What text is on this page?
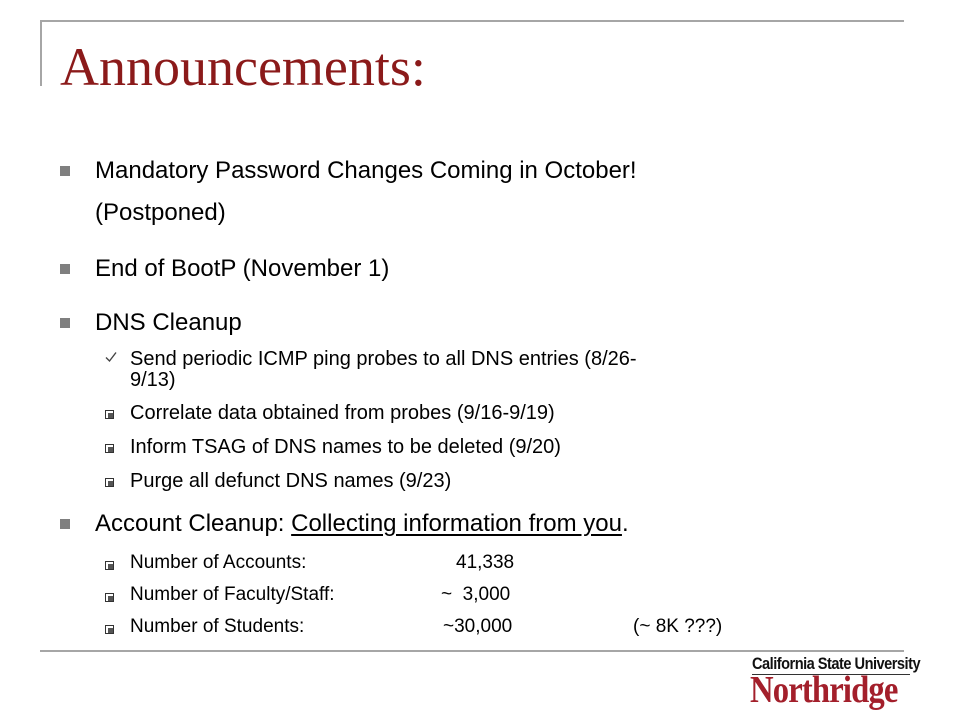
Announcements:
Mandatory Password Changes Coming in October!
(Postponed)
End of BootP (November 1)
DNS Cleanup
Send periodic ICMP ping probes to all DNS entries (8/26-
9/13)
Correlate data obtained from probes (9/16-9/19)
Inform TSAG of DNS names to be deleted (9/20)
Purge all defunct DNS names (9/23)
Account Cleanup: Collecting information from you.
Number of Accounts:	41,338
Number of Faculty/Staff:	~  3,000
Number of Students:	~30,000	(~ 8K ???)
California State University
Northridge
